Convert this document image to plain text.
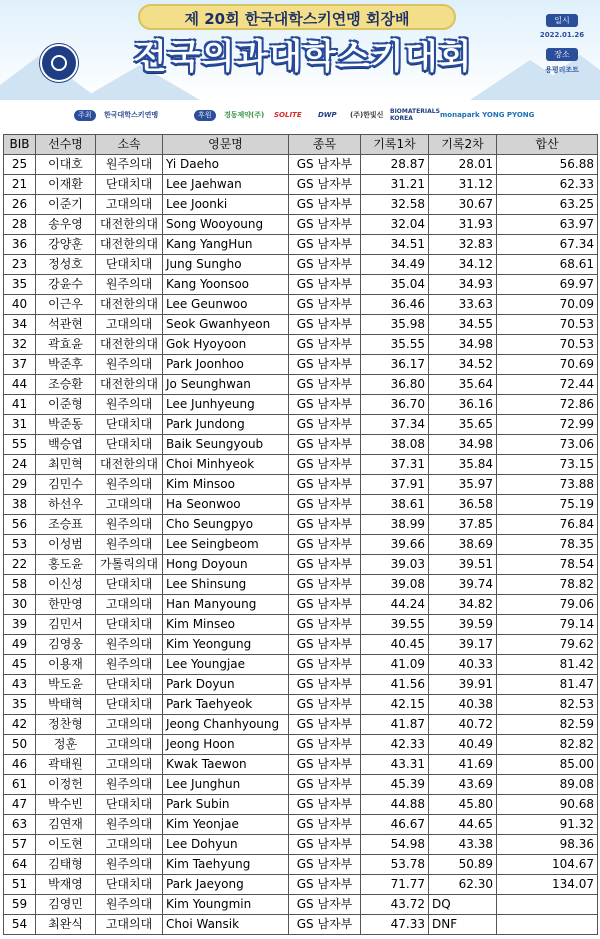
제 20회 한국대학스키연맹 회장배
전국의과대학스키대회
일시
2022.01.26
장소
용평리조트
주최	한국대학스키연맹	후원	경동제약(주) SOLITE DWP (주)한빛신 BIOMATERIALS KOREA	monapark YONG PYONG
BIB	선수명	소속	영문명	종목	기록1차	기록2차	합산
25	이대호	원주의대	Yi Daeho	GS 남자부	28.87	28.01	56.88
21	이재환	단대치대	Lee Jaehwan	GS 남자부	31.21	31.12	62.33
26	이준기	고대의대	Lee Joonki	GS 남자부	32.58	30.67	63.25
28	송우영	대전한의대	Song Wooyoung	GS 남자부	32.04	31.93	63.97
36	강양훈	대전한의대	Kang YangHun	GS 남자부	34.51	32.83	67.34
23	정성호	단대치대	Jung Sungho	GS 남자부	34.49	34.12	68.61
35	강윤수	원주의대	Kang Yoonsoo	GS 남자부	35.04	34.93	69.97
40	이근우	대전한의대	Lee Geunwoo	GS 남자부	36.46	33.63	70.09
34	석관현	고대의대	Seok Gwanhyeon	GS 남자부	35.98	34.55	70.53
32	곽효윤	대전한의대	Gok Hyoyoon	GS 남자부	35.55	34.98	70.53
37	박준후	원주의대	Park Joonhoo	GS 남자부	36.17	34.52	70.69
44	조승환	대전한의대	Jo Seunghwan	GS 남자부	36.80	35.64	72.44
41	이준형	원주의대	Lee Junhyeung	GS 남자부	36.70	36.16	72.86
31	박준동	단대치대	Park Jundong	GS 남자부	37.34	35.65	72.99
55	백승엽	단대치대	Baik Seungyoub	GS 남자부	38.08	34.98	73.06
24	최민혁	대전한의대	Choi Minhyeok	GS 남자부	37.31	35.84	73.15
29	김민수	원주의대	Kim Minsoo	GS 남자부	37.91	35.97	73.88
38	하선우	고대의대	Ha Seonwoo	GS 남자부	38.61	36.58	75.19
56	조승표	원주의대	Cho Seungpyo	GS 남자부	38.99	37.85	76.84
53	이성범	원주의대	Lee Seingbeom	GS 남자부	39.66	38.69	78.35
22	홍도윤	가톨릭의대	Hong Doyoun	GS 남자부	39.03	39.51	78.54
58	이신성	단대치대	Lee Shinsung	GS 남자부	39.08	39.74	78.82
30	한만영	고대의대	Han Manyoung	GS 남자부	44.24	34.82	79.06
39	김민서	단대치대	Kim Minseo	GS 남자부	39.55	39.59	79.14
49	김영웅	원주의대	Kim Yeongung	GS 남자부	40.45	39.17	79.62
45	이용재	원주의대	Lee Youngjae	GS 남자부	41.09	40.33	81.42
43	박도윤	단대치대	Park Doyun	GS 남자부	41.56	39.91	81.47
35	박태혁	단대치대	Park Taehyeok	GS 남자부	42.15	40.38	82.53
42	정찬형	고대의대	Jeong Chanhyoung	GS 남자부	41.87	40.72	82.59
50	정훈	고대의대	Jeong Hoon	GS 남자부	42.33	40.49	82.82
46	곽태원	고대의대	Kwak Taewon	GS 남자부	43.31	41.69	85.00
61	이정헌	원주의대	Lee Junghun	GS 남자부	45.39	43.69	89.08
47	박수빈	단대치대	Park Subin	GS 남자부	44.88	45.80	90.68
63	김연재	원주의대	Kim Yeonjae	GS 남자부	46.67	44.65	91.32
57	이도현	고대의대	Lee Dohyun	GS 남자부	54.98	43.38	98.36
64	김태형	원주의대	Kim Taehyung	GS 남자부	53.78	50.89	104.67
51	박재영	단대치대	Park Jaeyong	GS 남자부	71.77	62.30	134.07
59	김영민	원주의대	Kim Youngmin	GS 남자부	43.72	DQ	
54	최완식	고대의대	Choi Wansik	GS 남자부	47.33	DNF	
